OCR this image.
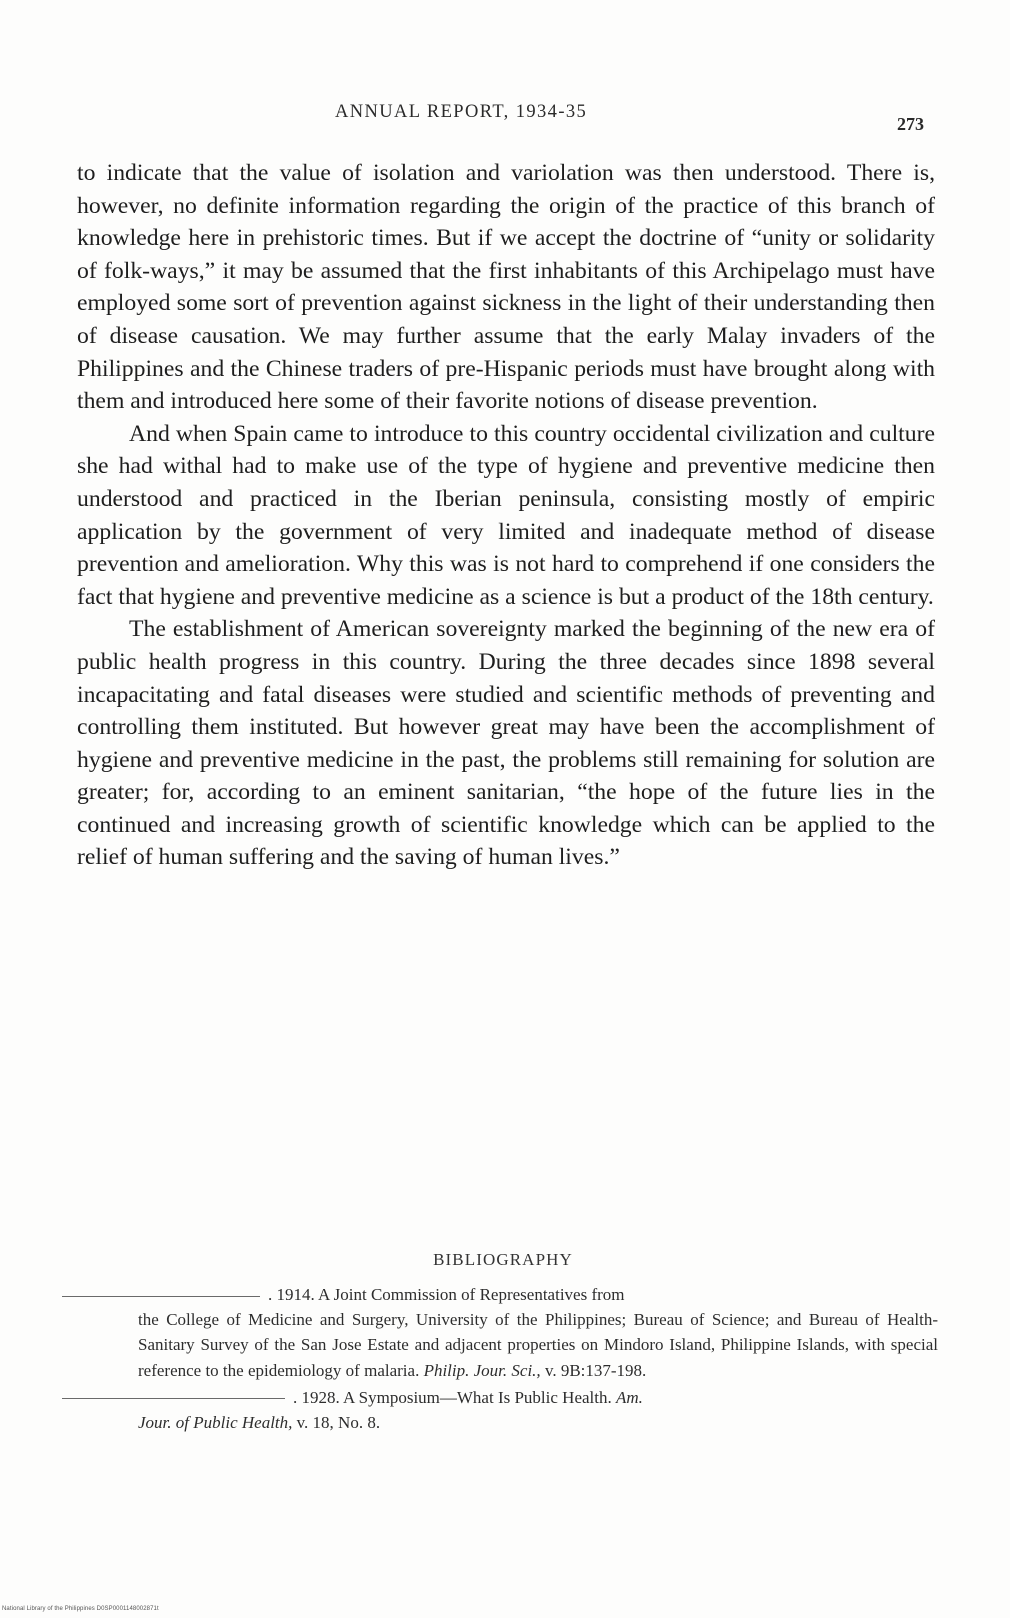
ANNUAL REPORT, 1934-35
273

to indicate that the value of isolation and variolation was then understood. There is, however, no definite information regarding the origin of the practice of this branch of knowledge here in prehistoric times. But if we accept the doctrine of “unity or solidarity of folk-ways,” it may be assumed that the first inhabitants of this Archipelago must have employed some sort of prevention against sickness in the light of their understanding then of disease causation. We may further assume that the early Malay invaders of the Philippines and the Chinese traders of pre-Hispanic periods must have brought along with them and introduced here some of their favorite notions of disease prevention.

And when Spain came to introduce to this country occidental civilization and culture she had withal had to make use of the type of hygiene and preventive medicine then understood and practiced in the Iberian peninsula, consisting mostly of empiric application by the government of very limited and inadequate method of disease prevention and amelioration. Why this was is not hard to comprehend if one considers the fact that hygiene and preventive medicine as a science is but a product of the 18th century.

The establishment of American sovereignty marked the beginning of the new era of public health progress in this country. During the three decades since 1898 several incapacitating and fatal diseases were studied and scientific methods of preventing and controlling them instituted. But however great may have been the accomplishment of hygiene and preventive medicine in the past, the problems still remaining for solution are greater; for, according to an eminent sanitarian, “the hope of the future lies in the continued and increasing growth of scientific knowledge which can be applied to the relief of human suffering and the saving of human lives.”

BIBLIOGRAPHY

. 1914. A Joint Commission of Representatives from
the College of Medicine and Surgery, University of the Philippines; Bureau of Science; and Bureau of Health-Sanitary Survey of the San Jose Estate and adjacent properties on Mindoro Island, Philippine Islands, with special reference to the epidemiology of malaria. Philip. Jour. Sci., v. 9B:137-198.
. 1928. A Symposium—What Is Public Health. Am.
Jour. of Public Health, v. 18, No. 8.
National Library of the Philippines D0SP0001148002871t
